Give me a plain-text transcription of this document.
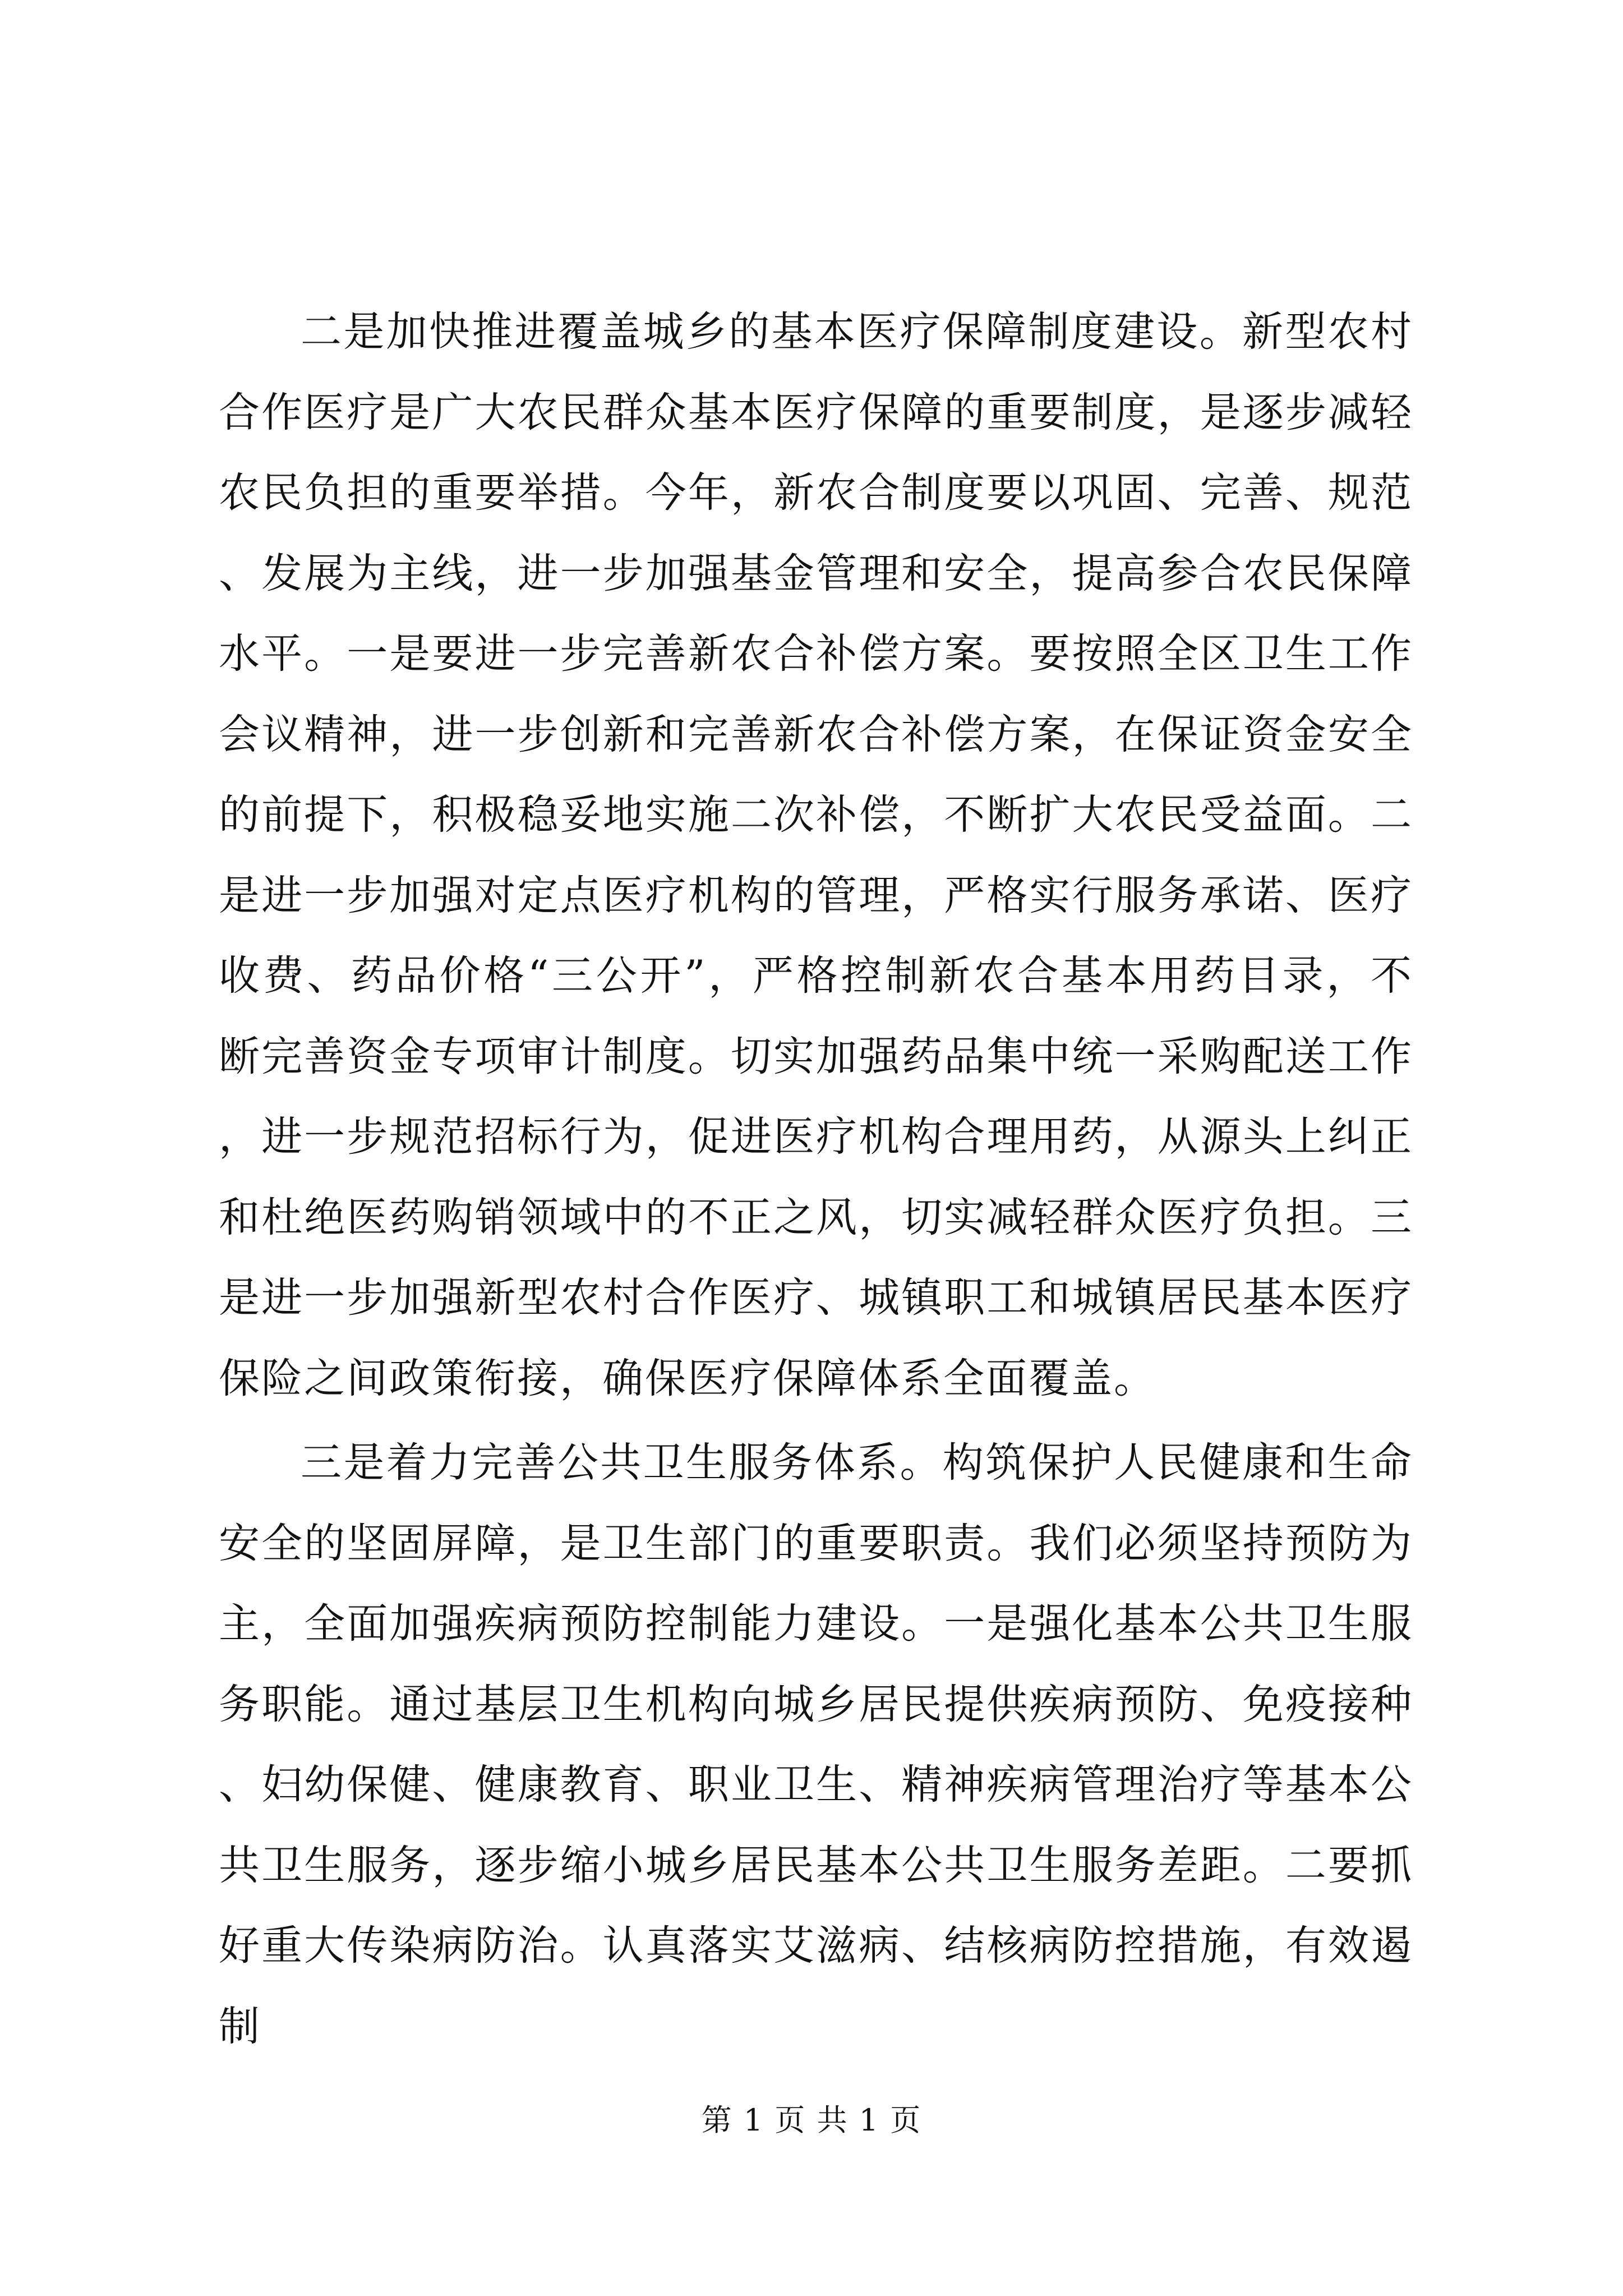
二是加快推进覆盖城乡的基本医疗保障制度建设。新型农村合作医疗是广大农民群众基本医疗保障的重要制度，是逐步减轻农民负担的重要举措。今年，新农合制度要以巩固、完善、规范、发展为主线，进一步加强基金管理和安全，提高参合农民保障水平。一是要进一步完善新农合补偿方案。要按照全区卫生工作会议精神，进一步创新和完善新农合补偿方案，在保证资金安全的前提下，积极稳妥地实施二次补偿，不断扩大农民受益面。二是进一步加强对定点医疗机构的管理，严格实行服务承诺、医疗收费、药品价格“三公开”，严格控制新农合基本用药目录，不断完善资金专项审计制度。切实加强药品集中统一采购配送工作，进一步规范招标行为，促进医疗机构合理用药，从源头上纠正和杜绝医药购销领域中的不正之风，切实减轻群众医疗负担。三是进一步加强新型农村合作医疗、城镇职工和城镇居民基本医疗保险之间政策衔接，确保医疗保障体系全面覆盖。

三是着力完善公共卫生服务体系。构筑保护人民健康和生命安全的坚固屏障，是卫生部门的重要职责。我们必须坚持预防为主，全面加强疾病预防控制能力建设。一是强化基本公共卫生服务职能。通过基层卫生机构向城乡居民提供疾病预防、免疫接种、妇幼保健、健康教育、职业卫生、精神疾病管理治疗等基本公共卫生服务，逐步缩小城乡居民基本公共卫生服务差距。二要抓好重大传染病防治。认真落实艾滋病、结核病防控措施，有效遏制

第 1 页 共 1 页
